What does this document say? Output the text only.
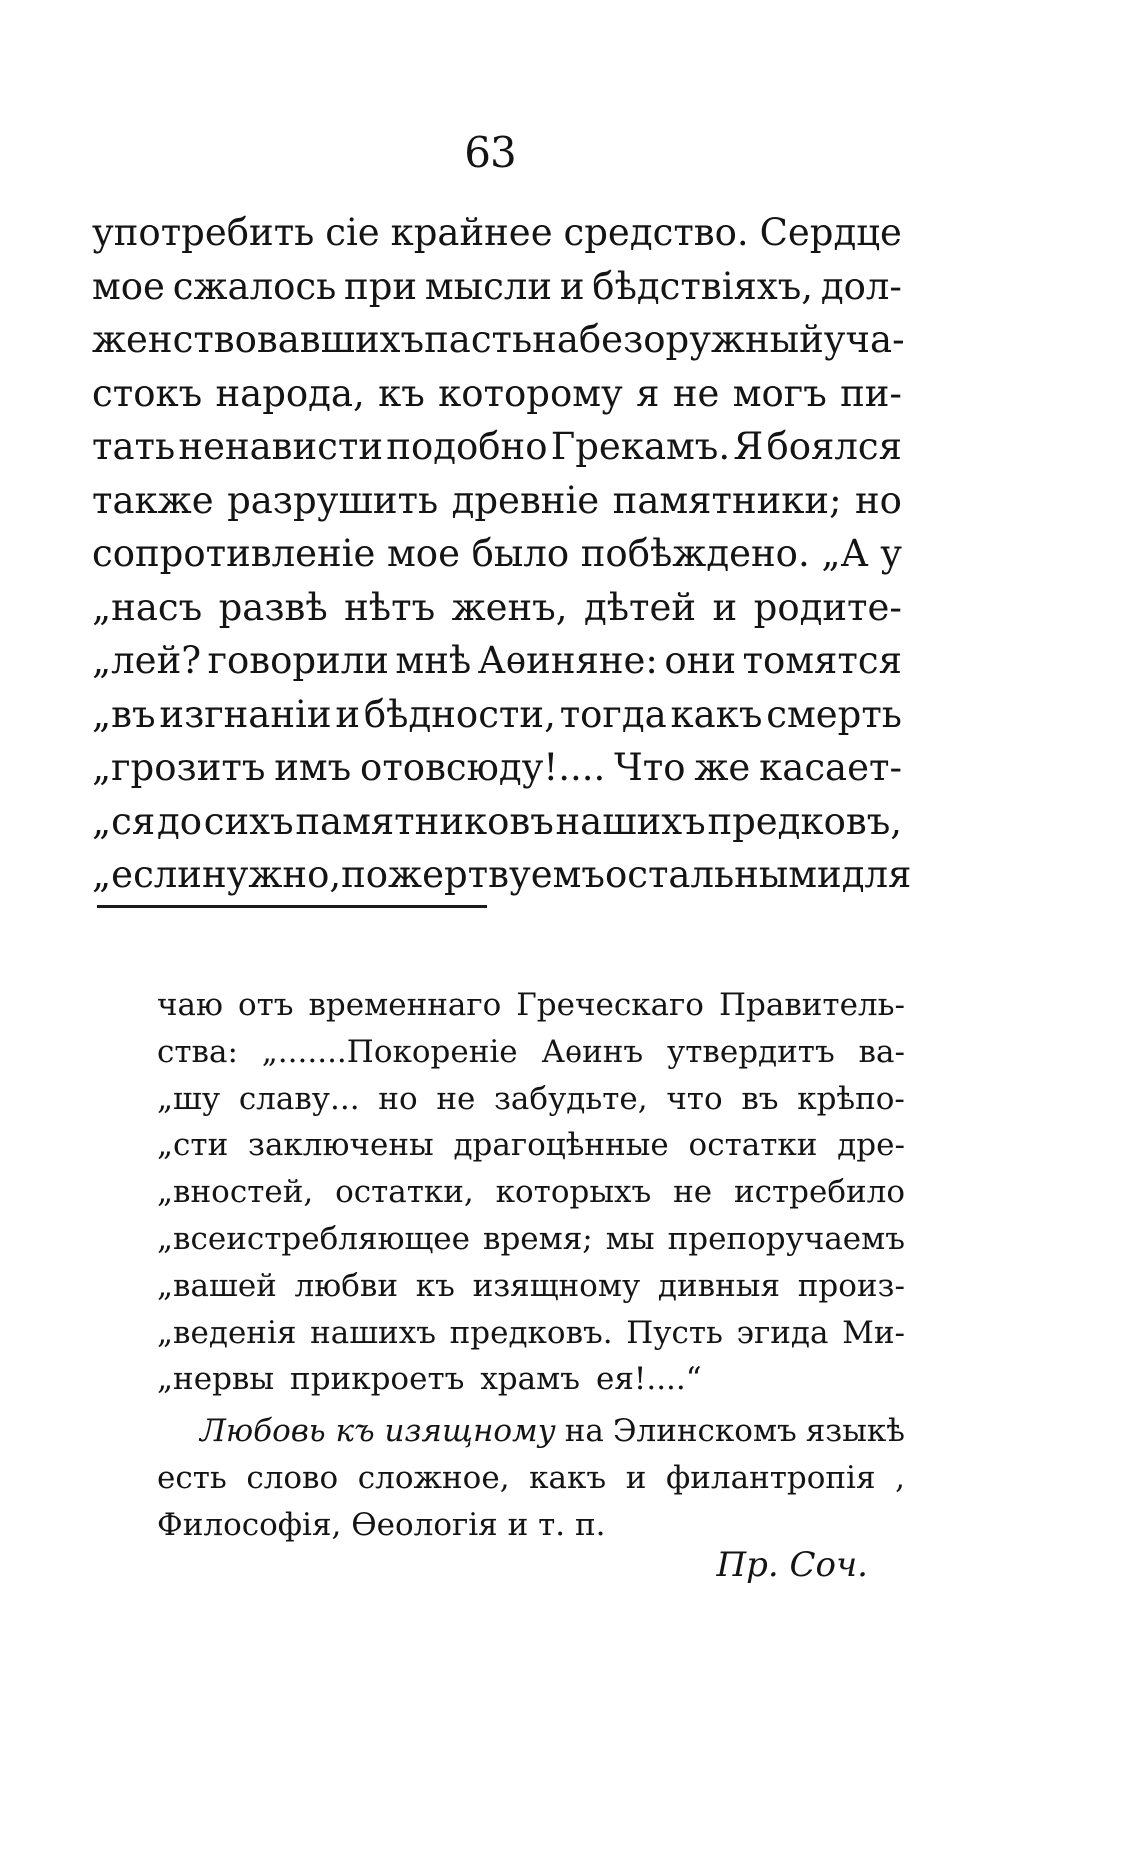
63
употребить сіе крайнее средство. Сердце
мое сжалось при мысли и бѣдствіяхъ, дол-
женствовавшихъ пасть на безоружный уча-
стокъ народа, къ которому я не могъ пи-
тать ненависти подобно Грекамъ. Я боялся
также разрушить древніе памятники; но
сопротивленіе мое было побѣждено. „А у
„насъ развѣ нѣтъ женъ, дѣтей и родите-
„лей? говорили мнѣ Аѳиняне: они томятся
„въ изгнаніи и бѣдности, тогда какъ смерть
„грозитъ имъ отовсюду!.... Что же касает-
„ся до сихъ памятниковъ нашихъ предковъ,
„если нужно, пожертвуемъ остальными для
чаю отъ временнаго Греческаго Правитель-
ства: „.......Покореніе Аѳинъ утвердитъ ва-
„шу славу... но не забудьте, что въ крѣпо-
„сти заключены драгоцѣнные остатки дре-
„вностей, остатки, которыхъ не истребило
„всеистребляющее время; мы препоручаемъ
„вашей любви къ изящному дивныя произ-
„веденія нашихъ предковъ. Пусть эгида Ми-
„нервы прикроетъ храмъ ея!....“
Любовь къ изящному на Элинскомъ языкѣ
есть слово сложное, какъ и филантропія ,
Философія, Ѳеологія и т. п.
Пр. Соч.
